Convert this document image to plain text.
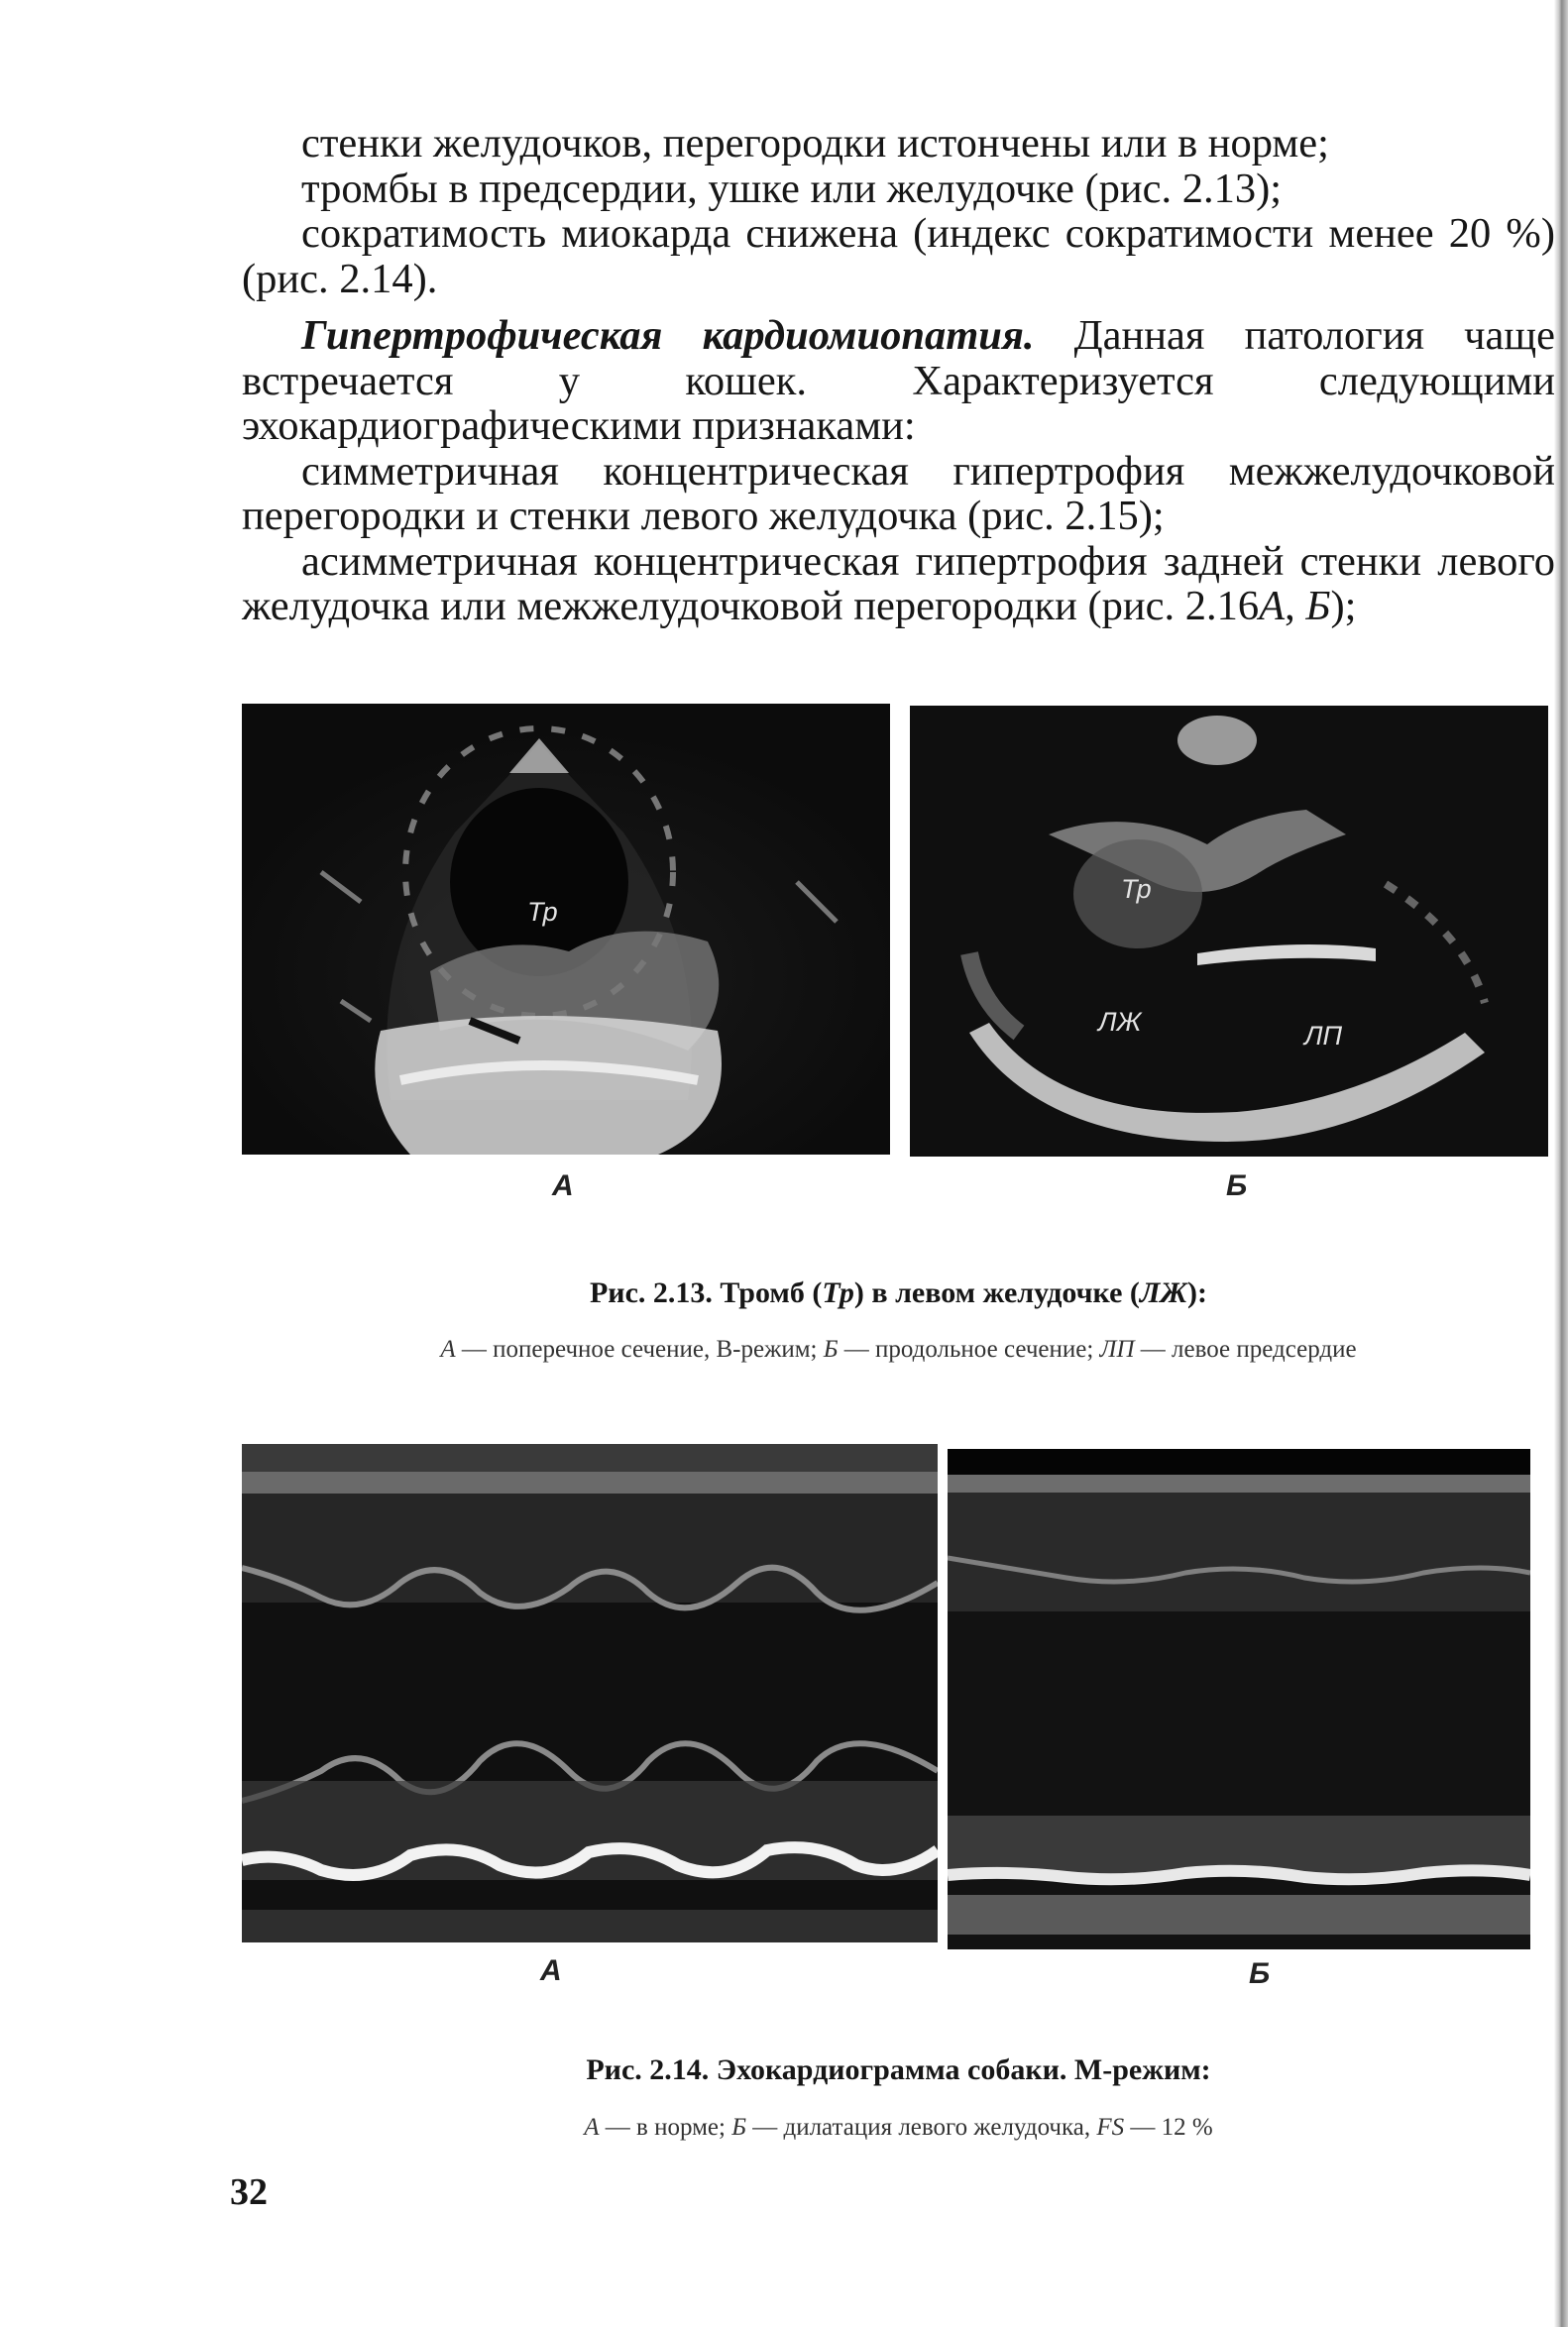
стенки желудочков, перегородки истончены или в норме;

тромбы в предсердии, ушке или желудочке (рис. 2.13);

сократимость миокарда снижена (индекс сократимости менее 20 %) (рис. 2.14).

Гипертрофическая кардиомиопатия. Данная патология чаще встречается у кошек. Характеризуется следующими эхокардиографическими признаками:

симметричная концентрическая гипертрофия межжелудочковой перегородки и стенки левого желудочка (рис. 2.15);

асимметричная концентрическая гипертрофия задней стенки левого желудочка или межжелудочковой перегородки (рис. 2.16А, Б);

Тр
Тр
ЛЖ	ЛП
А	Б
Рис. 2.13. Тромб (Тр) в левом желудочке (ЛЖ):
А — поперечное сечение, В-режим; Б — продольное сечение; ЛП — левое предсердие
А	Б
Рис. 2.14. Эхокардиограмма собаки. М-режим:
А — в норме; Б — дилатация левого желудочка, FS — 12 %
32
